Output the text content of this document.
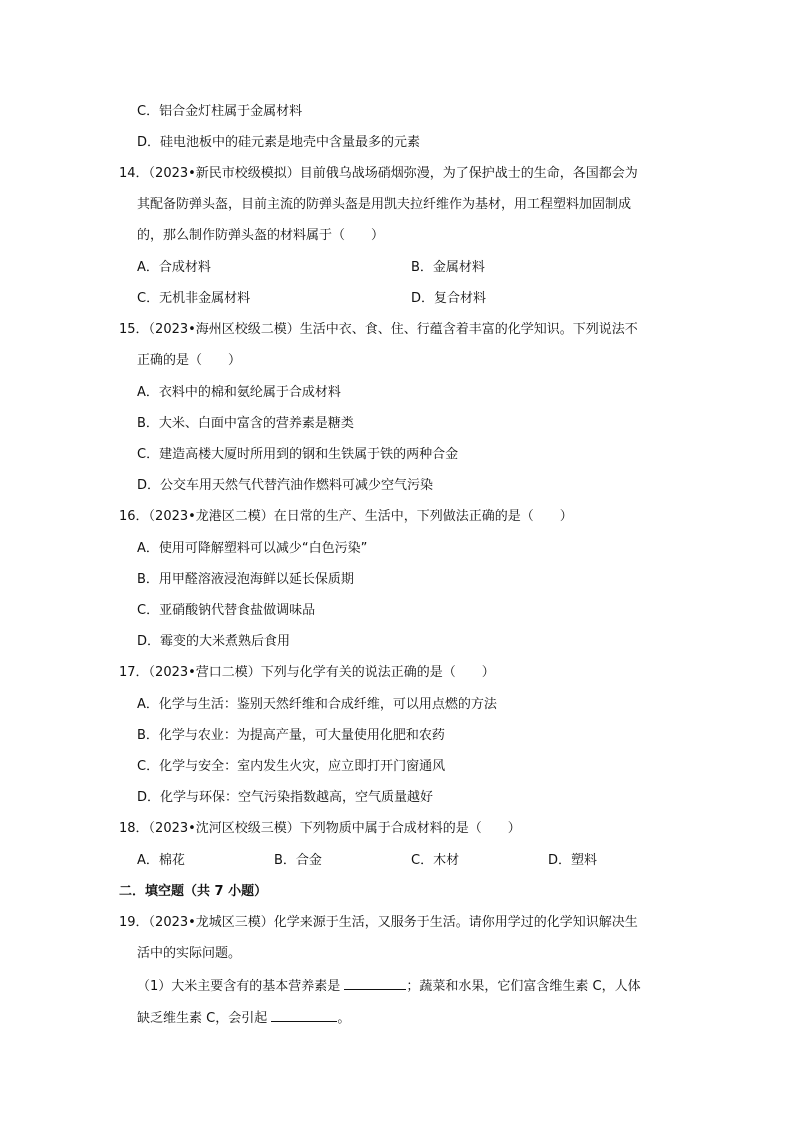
C．铝合金灯柱属于金属材料
D．硅电池板中的硅元素是地壳中含量最多的元素
14．（2023•新民市校级模拟）目前俄乌战场硝烟弥漫，为了保护战士的生命，各国都会为
其配备防弹头盔，目前主流的防弹头盔是用凯夫拉纤维作为基材，用工程塑料加固制成
的，那么制作防弹头盔的材料属于（　　）
A．合成材料	B．金属材料
C．无机非金属材料	D．复合材料
15．（2023•海州区校级二模）生活中衣、食、住、行蕴含着丰富的化学知识。下列说法不
正确的是（　　）
A．衣料中的棉和氨纶属于合成材料
B．大米、白面中富含的营养素是糖类
C．建造高楼大厦时所用到的钢和生铁属于铁的两种合金
D．公交车用天然气代替汽油作燃料可减少空气污染
16．（2023•龙港区二模）在日常的生产、生活中，下列做法正确的是（　　）
A．使用可降解塑料可以减少“白色污染”
B．用甲醛溶液浸泡海鲜以延长保质期
C．亚硝酸钠代替食盐做调味品
D．霉变的大米煮熟后食用
17．（2023•营口二模）下列与化学有关的说法正确的是（　　）
A．化学与生活：鉴别天然纤维和合成纤维，可以用点燃的方法
B．化学与农业：为提高产量，可大量使用化肥和农药
C．化学与安全：室内发生火灾，应立即打开门窗通风
D．化学与环保：空气污染指数越高，空气质量越好
18．（2023•沈河区校级三模）下列物质中属于合成材料的是（　　）
A．棉花	B．合金	C．木材	D．塑料
二．填空题（共 7 小题）
19．（2023•龙城区三模）化学来源于生活，又服务于生活。请你用学过的化学知识解决生
活中的实际问题。
（1）大米主要含有的基本营养素是	；蔬菜和水果，它们富含维生素 C，人体
缺乏维生素 C，会引起	。
